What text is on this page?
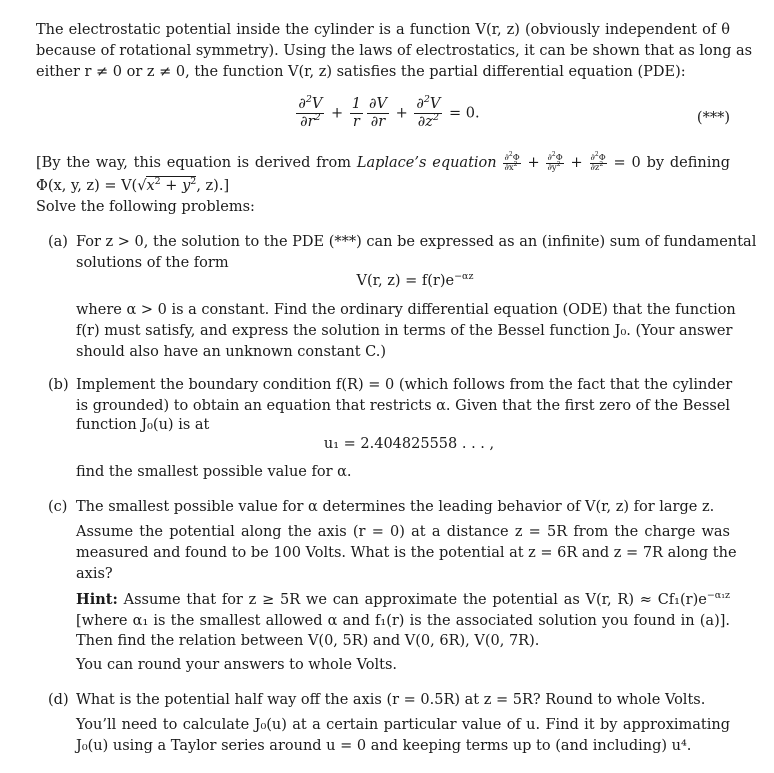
The electrostatic potential inside the cylinder is a function V(r, z) (obviously independent of θ
because of rotational symmetry). Using the laws of electrostatics, it can be shown that as long as
either r ≠ 0 or z ≠ 0, the function V(r, z) satisfies the partial differential equation (PDE):
$\frac{\partial^2V}{\partial r^2} + \frac{1}{r} \frac{\partial V}{\partial r} + \frac{\partial^2V}{\partial z^2} = 0$.	(***)
[By the way, this equation is derived from Laplace’s equation $\frac{\partial^2\Phi}{\partial x^2} + \frac{\partial^2\Phi}{\partial y^2} + \frac{\partial^2\Phi}{\partial z^2} = 0$ by defining
Φ(x, y, $z) = V(√x^2 + y^2$, z).]
Solve the following problems:
(a) For z > 0, the solution to the PDE (***) can be expressed as an (infinite) sum of fundamental
solutions of the form
V(r, $z) = f(r)e^{-\alpha z}$
where α > 0 is a constant. Find the ordinary differential equation (ODE) that the function
f(r) must satisfy, and express the solution in terms of the Bessel function J₀. (Your answer
should also have an unknown constant C.)
(b) Implement the boundary condition f(R) = 0 (which follows from the fact that the cylinder
is grounded) to obtain an equation that restricts α. Given that the first zero of the Bessel
function J₀(u) is at
u₁ = 2.404825558 . . . ,
find the smallest possible value for α.
(c) The smallest possible value for α determines the leading behavior of V(r, z) for large z.
Assume the potential along the axis (r = 0) at a distance z = 5R from the charge was
measured and found to be 100 Volts. What is the potential at z = 6R and z = 7R along the
axis?
Hint: Assume that for z ≥ 5R we can approximate the potential as V(r, $R) \approx Cf_1(r)e^{-\alpha_1z}$
[where α₁ is the smallest allowed α and f₁(r) is the associated solution you found in (a)].
Then find the relation between V(0, 5R) and V(0, 6R), V(0, 7R).
You can round your answers to whole Volts.
(d) What is the potential half way off the axis (r = 0.5R) at z = 5R? Round to whole Volts.
You’ll need to calculate J₀(u) at a certain particular value of u. Find it by approximating
J₀(u) using a Taylor series around u = 0 and keeping terms up to (and including) u⁴.
